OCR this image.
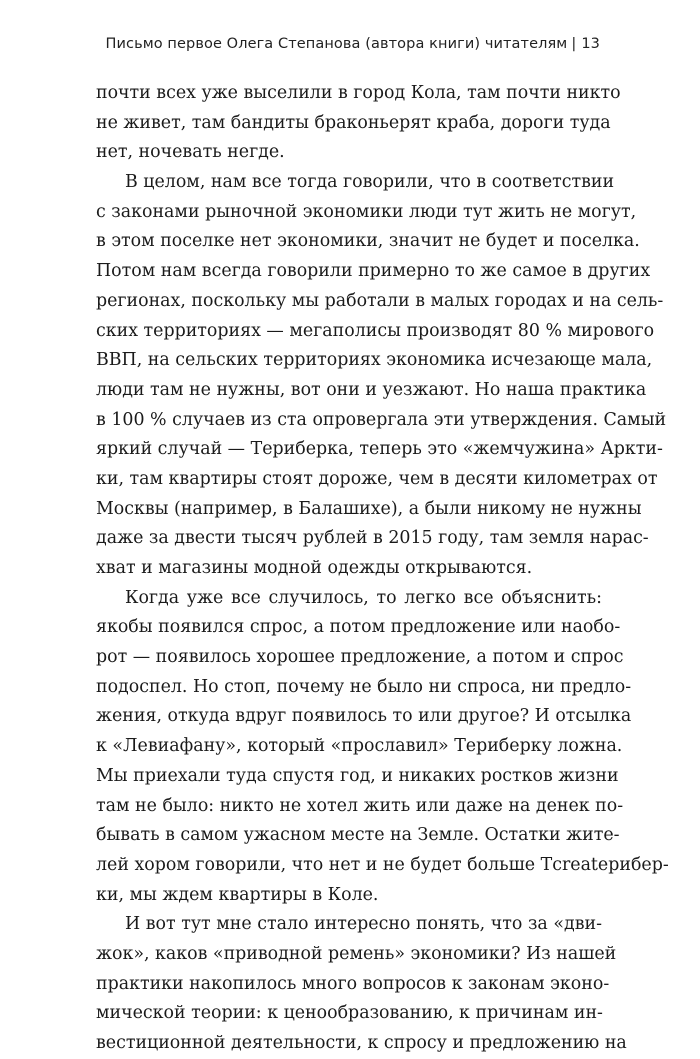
Письмо первое Олега Степанова (автора книги) читателям | 13
почти всех уже выселили в город Кола, там почти никто
не живет, там бандиты браконьерят краба, дороги туда
нет, ночевать негде.
В целом, нам все тогда говорили, что в соответствии
с законами рыночной экономики люди тут жить не могут,
в этом поселке нет экономики, значит не будет и поселка.
Потом нам всегда говорили примерно то же самое в других
регионах, поскольку мы работали в малых городах и на сель-
ских территориях — мегаполисы производят 80 % мирового
ВВП, на сельских территориях экономика исчезающе мала,
люди там не нужны, вот они и уезжают. Но наша практика
в 100 % случаев из ста опровергала эти утверждения. Самый
яркий случай — Териберка, теперь это «жемчужина» Аркти-
ки, там квартиры стоят дороже, чем в десяти километрах от
Москвы (например, в Балашихе), а были никому не нужны
даже за двести тысяч рублей в 2015 году, там земля нарас-
хват и магазины модной одежды открываются.
Когда уже все случилось, то легко все объяснить:
якобы появился спрос, а потом предложение или наобо-
рот — появилось хорошее предложение, а потом и спрос
подоспел. Но стоп, почему не было ни спроса, ни предло-
жения, откуда вдруг появилось то или другое? И отсылка
к «Левиафану», который «прославил» Териберку ложна.
Мы приехали туда спустя год, и никаких ростков жизни
там не было: никто не хотел жить или даже на денек по-
бывать в самом ужасном месте на Земле. Остатки жите-
лей хором говорили, что нет и не будет больше Тcreateрибер-
ки, мы ждем квартиры в Коле.
И вот тут мне стало интересно понять, что за «дви-
жок», каков «приводной ремень» экономики? Из нашей
практики накопилось много вопросов к законам эконо-
мической теории: к ценообразованию, к причинам ин-
вестиционной деятельности, к спросу и предложению на
